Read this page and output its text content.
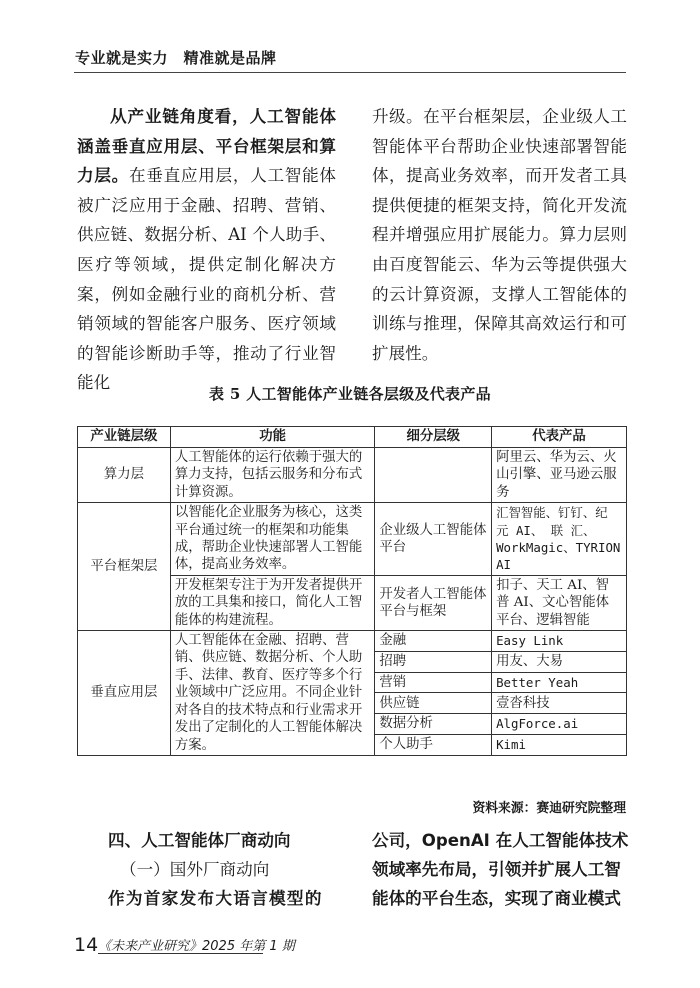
专业就是实力　精准就是品牌

从产业链角度看，人工智能体涵盖垂直应用层、平台框架层和算力层。在垂直应用层，人工智能体被广泛应用于金融、招聘、营销、供应链、数据分析、AI 个人助手、医疗等领域，提供定制化解决方案，例如金融行业的商机分析、营销领域的智能客户服务、医疗领域的智能诊断助手等，推动了行业智能化

升级。在平台框架层，企业级人工智能体平台帮助企业快速部署智能体，提高业务效率，而开发者工具提供便捷的框架支持，简化开发流程并增强应用扩展能力。算力层则由百度智能云、华为云等提供强大的云计算资源，支撑人工智能体的训练与推理，保障其高效运行和可扩展性。

表 5 人工智能体产业链各层级及代表产品
产业链层级	功能	细分层级	代表产品
算力层	人工智能体的运行依赖于强大的算力支持，包括云服务和分布式计算资源。		阿里云、华为云、火山引擎、亚马逊云服务
平台框架层	以智能化企业服务为核心，这类平台通过统一的框架和功能集成，帮助企业快速部署人工智能体，提高业务效率。	企业级人工智能体平台	汇智智能、钉钉、纪 元 AI、 联 汇、WorkMagic、TYRION AI
	开发框架专注于为开发者提供开放的工具集和接口，简化人工智能体的构建流程。	开发者人工智能体平台与框架	扣子、天工 AI、智普 AI、文心智能体平台、逻辑智能
垂直应用层	人工智能体在金融、招聘、营销、供应链、数据分析、个人助手、法律、教育、医疗等多个行业领域中广泛应用。不同企业针对各自的技术特点和行业需求开发出了定制化的人工智能体解决方案。	金融	Easy Link
		招聘	用友、大易
		营销	Better Yeah
		供应链	壹沓科技
		数据分析	AlgForce.ai
		个人助手	Kimi
资料来源：赛迪研究院整理
四、人工智能体厂商动向
（一）国外厂商动向
作为首家发布大语言模型的
公司，OpenAI 在人工智能体技术
领域率先布局，引领并扩展人工智
能体的平台生态，实现了商业模式
14 《未来产业研究》2025 年第 1 期
